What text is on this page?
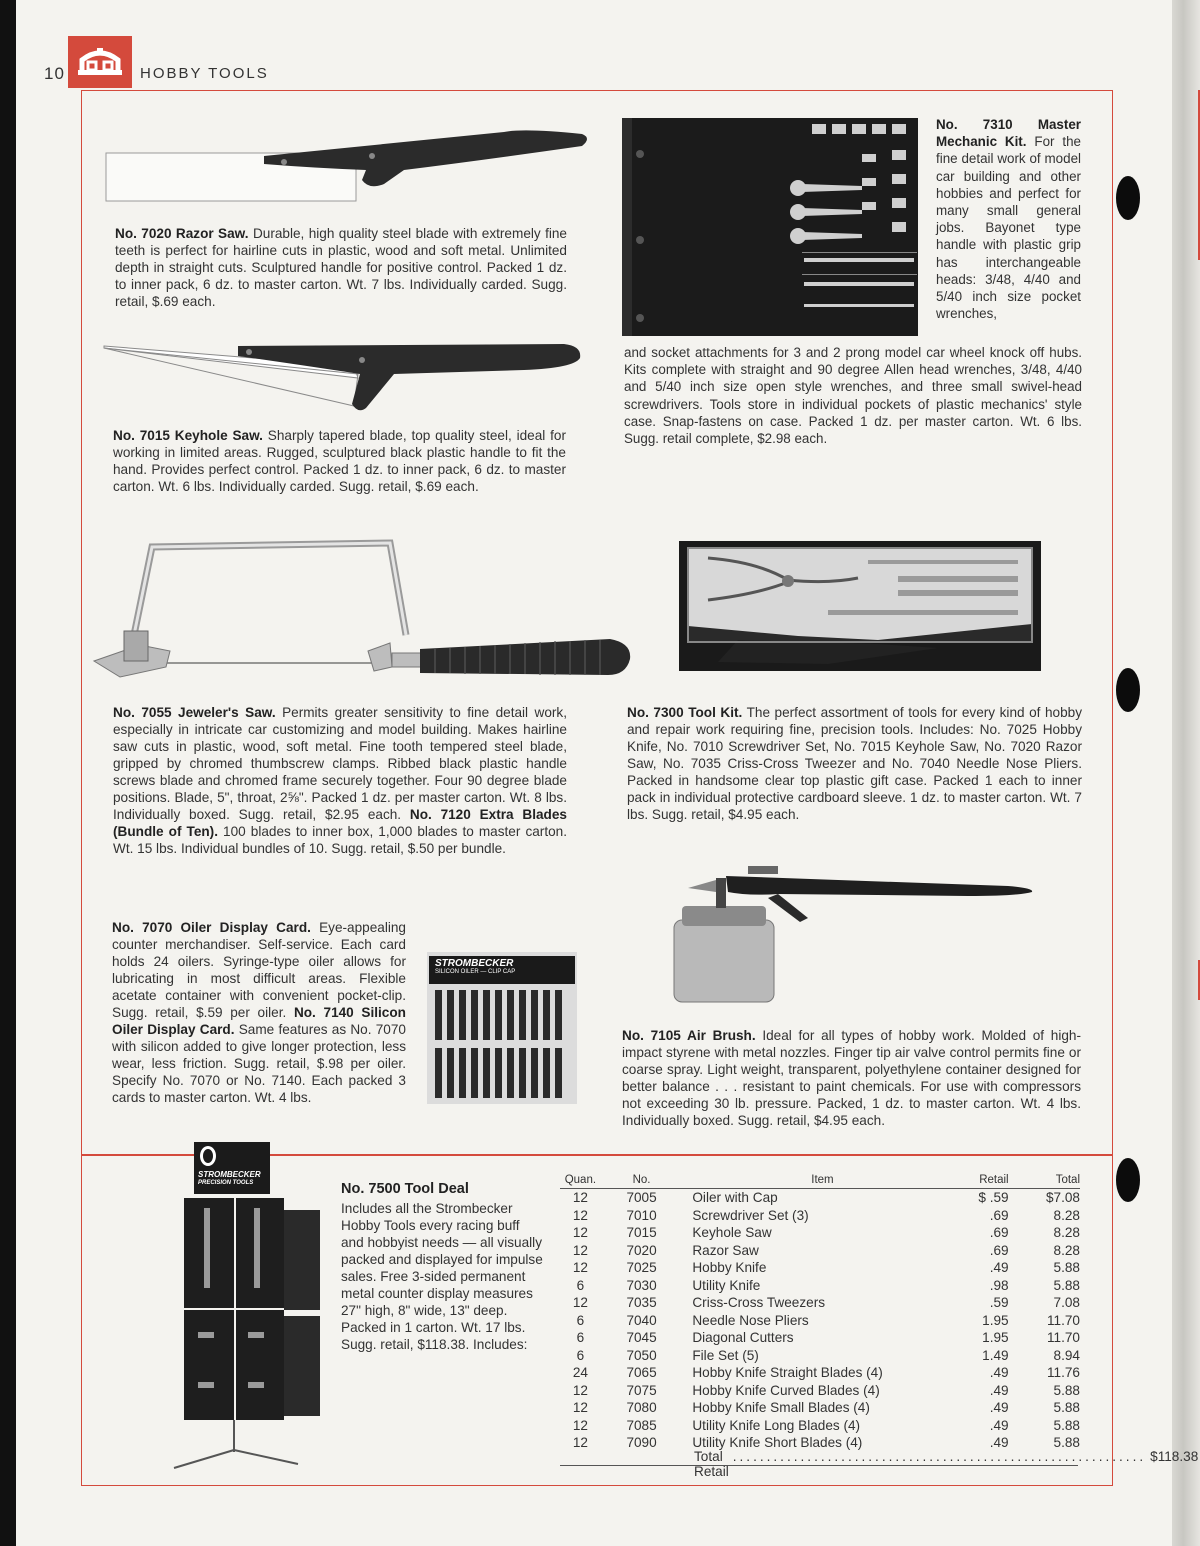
10	HOBBY TOOLS

No. 7020 Razor Saw. Durable, high quality steel blade with extremely fine teeth is perfect for hairline cuts in plastic, wood and soft metal. Unlimited depth in straight cuts. Sculptured handle for positive control. Packed 1 dz. to inner pack, 6 dz. to master carton. Wt. 7 lbs. Individually carded. Sugg. retail, $.69 each.

No. 7015 Keyhole Saw. Sharply tapered blade, top quality steel, ideal for working in limited areas. Rugged, sculptured black plastic handle to fit the hand. Provides perfect control. Packed 1 dz. to inner pack, 6 dz. to master carton. Wt. 6 lbs. Individually carded. Sugg. retail, $.69 each.

No. 7310 Master Mechanic Kit. For the fine detail work of model car building and other hobbies and perfect for many small general jobs. Bayonet type handle with plastic grip has interchangeable heads: 3/48, 4/40 and 5/40 inch size pocket wrenches,

and socket attachments for 3 and 2 prong model car wheel knock off hubs. Kits complete with straight and 90 degree Allen head wrenches, 3/48, 4/40 and 5/40 inch size open style wrenches, and three small swivel-head screwdrivers. Tools store in individual pockets of plastic mechanics' style case. Snap-fastens on case. Packed 1 dz. per master carton. Wt. 6 lbs. Sugg. retail complete, $2.98 each.

No. 7055 Jeweler's Saw. Permits greater sensitivity to fine detail work, especially in intricate car customizing and model building. Makes hairline saw cuts in plastic, wood, soft metal. Fine tooth tempered steel blade, gripped by chromed thumbscrew clamps. Ribbed black plastic handle screws blade and chromed frame securely together. Four 90 degree blade positions. Blade, 5", throat, 2⅝". Packed 1 dz. per master carton. Wt. 8 lbs. Individually boxed. Sugg. retail, $2.95 each. No. 7120 Extra Blades (Bundle of Ten). 100 blades to inner box, 1,000 blades to master carton. Wt. 15 lbs. Individual bundles of 10. Sugg. retail, $.50 per bundle.

No. 7300 Tool Kit. The perfect assortment of tools for every kind of hobby and repair work requiring fine, precision tools. Includes: No. 7025 Hobby Knife, No. 7010 Screwdriver Set, No. 7015 Keyhole Saw, No. 7020 Razor Saw, No. 7035 Criss-Cross Tweezer and No. 7040 Needle Nose Pliers. Packed in handsome clear top plastic gift case. Packed 1 each to inner pack in individual protective cardboard sleeve. 1 dz. to master carton. Wt. 7 lbs. Sugg. retail, $4.95 each.

No. 7105 Air Brush. Ideal for all types of hobby work. Molded of high-impact styrene with metal nozzles. Finger tip air valve control permits fine or coarse spray. Light weight, transparent, polyethylene container designed for better balance . . . resistant to paint chemicals. For use with compressors not exceeding 30 lb. pressure. Packed, 1 dz. to master carton. Wt. 4 lbs. Individually boxed. Sugg. retail, $4.95 each.

No. 7070 Oiler Display Card. Eye-appealing counter merchandiser. Self-service. Each card holds 24 oilers. Syringe-type oiler allows for lubricating in most difficult areas. Flexible acetate container with convenient pocket-clip. Sugg. retail, $.59 per oiler. No. 7140 Silicon Oiler Display Card. Same features as No. 7070 with silicon added to give longer protection, less wear, less friction. Sugg. retail, $.98 per oiler. Specify No. 7070 or No. 7140. Each packed 3 cards to master carton. Wt. 4 lbs.

STROMBECKER
SILICON OILER — CLIP CAP
STROMBECKER
PRECISION TOOLS	No. 7500 Tool Deal

Includes all the Strombecker Hobby Tools every racing buff and hobbyist needs — all visually packed and displayed for impulse sales. Free 3-sided permanent metal counter display measures 27" high, 8" wide, 13" deep. Packed in 1 carton. Wt. 17 lbs. Sugg. retail, $118.38. Includes:

Quan.	No.	Item	Retail	Total
12	7005	Oiler with Cap	$ .59	$7.08
12	7010	Screwdriver Set (3)	.69	8.28
12	7015	Keyhole Saw	.69	8.28
12	7020	Razor Saw	.69	8.28
12	7025	Hobby Knife	.49	5.88
6	7030	Utility Knife	.98	5.88
12	7035	Criss-Cross Tweezers	.59	7.08
6	7040	Needle Nose Pliers	1.95	11.70
6	7045	Diagonal Cutters	1.95	11.70
6	7050	File Set (5)	1.49	8.94
24	7065	Hobby Knife Straight Blades (4)	.49	11.76
12	7075	Hobby Knife Curved Blades (4)	.49	5.88
12	7080	Hobby Knife Small Blades (4)	.49	5.88
12	7085	Utility Knife Long Blades (4)	.49	5.88
12	7090	Utility Knife Short Blades (4)	.49	5.88
Total Retail
............................................................. $118.38
